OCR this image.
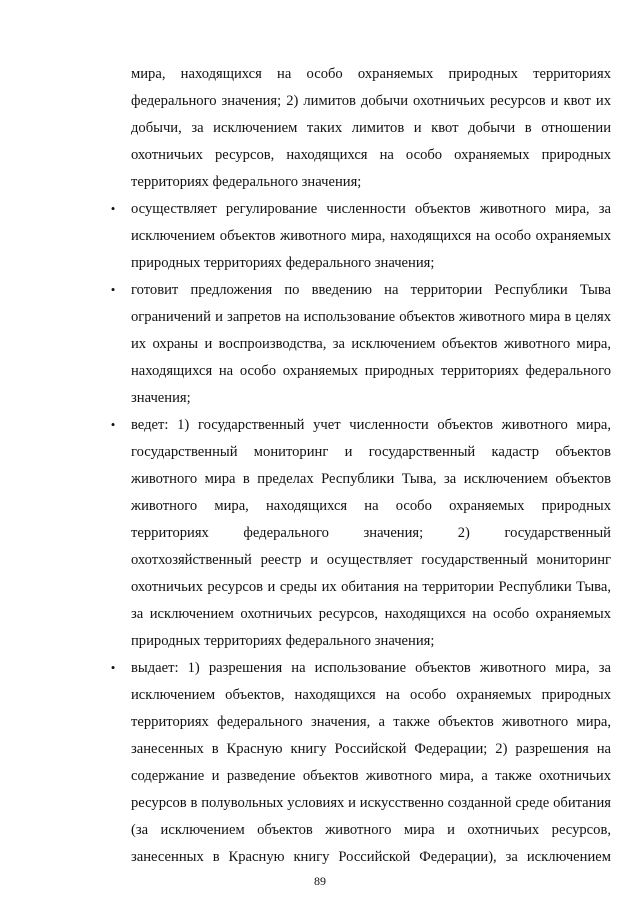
мира, находящихся на особо охраняемых природных территориях
федерального значения; 2) лимитов добычи охотничьих ресурсов и квот их
добычи, за исключением таких лимитов и квот добычи в отношении
охотничьих ресурсов, находящихся на особо охраняемых природных
территориях федерального значения;
•	осуществляет регулирование численности объектов животного мира, за
исключением объектов животного мира, находящихся на особо охраняемых
природных территориях федерального значения;
•	готовит предложения по введению на территории Республики Тыва
ограничений и запретов на использование объектов животного мира в целях
их охраны и воспроизводства, за исключением объектов животного мира,
находящихся на особо охраняемых природных территориях федерального
значения;
•	ведет: 1) государственный учет численности объектов животного мира,
государственный мониторинг и государственный кадастр объектов
животного мира в пределах Республики Тыва, за исключением объектов
животного мира, находящихся на особо охраняемых природных
территориях федерального значения; 2) государственный
охотхозяйственный реестр и осуществляет государственный мониторинг
охотничьих ресурсов и среды их обитания на территории Республики Тыва,
за исключением охотничьих ресурсов, находящихся на особо охраняемых
природных территориях федерального значения;
•	выдает: 1) разрешения на использование объектов животного мира, за
исключением объектов, находящихся на особо охраняемых природных
территориях федерального значения, а также объектов животного мира,
занесенных в Красную книгу Российской Федерации; 2) разрешения на
содержание и разведение объектов животного мира, а также охотничьих
ресурсов в полувольных условиях и искусственно созданной среде обитания
(за исключением объектов животного мира и охотничьих ресурсов,
занесенных в Красную книгу Российской Федерации), за исключением
89
